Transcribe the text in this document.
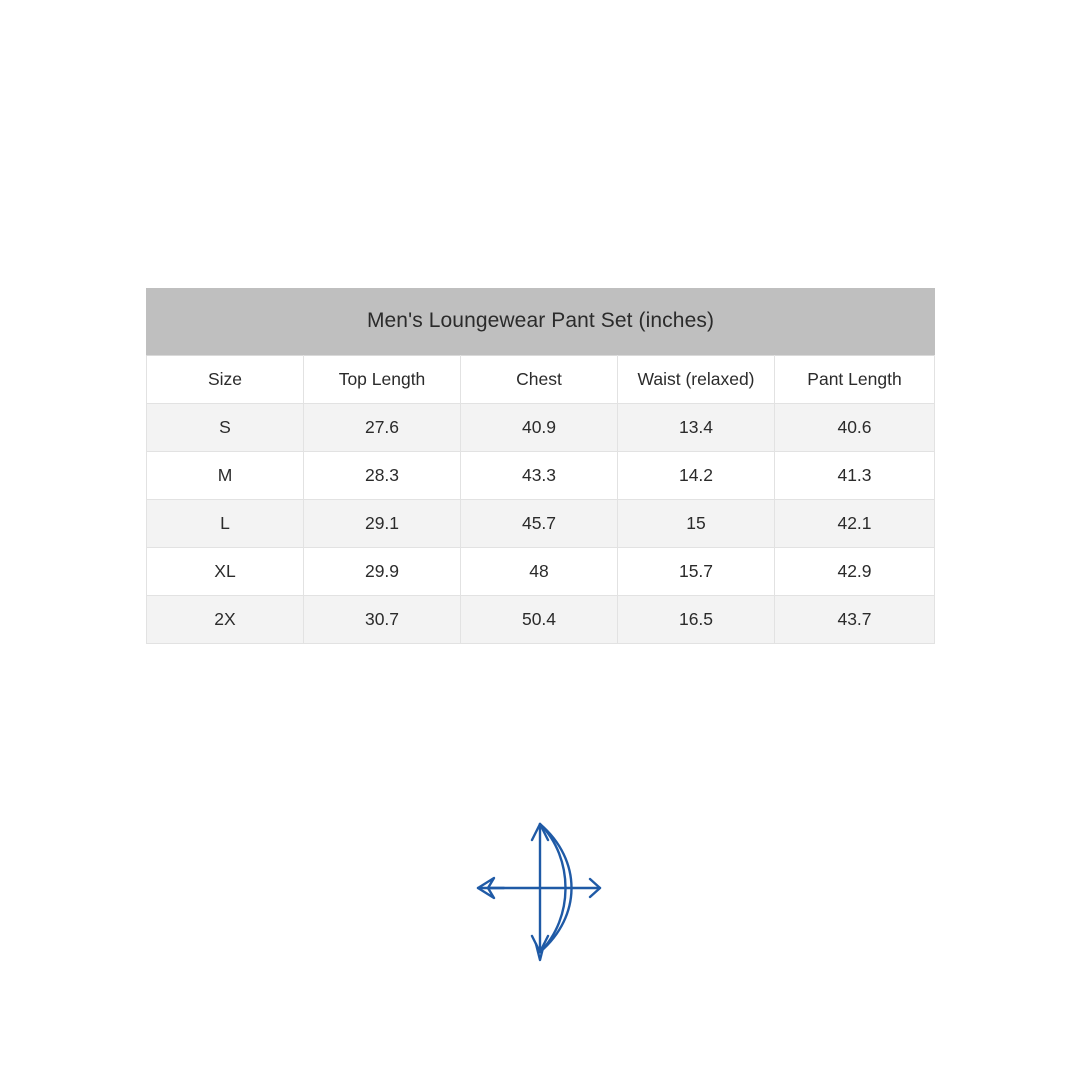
Men's Loungewear Pant Set (inches)
Size	Top Length	Chest	Waist (relaxed)	Pant Length
S	27.6	40.9	13.4	40.6
M	28.3	43.3	14.2	41.3
L	29.1	45.7	15	42.1
XL	29.9	48	15.7	42.9
2X	30.7	50.4	16.5	43.7
